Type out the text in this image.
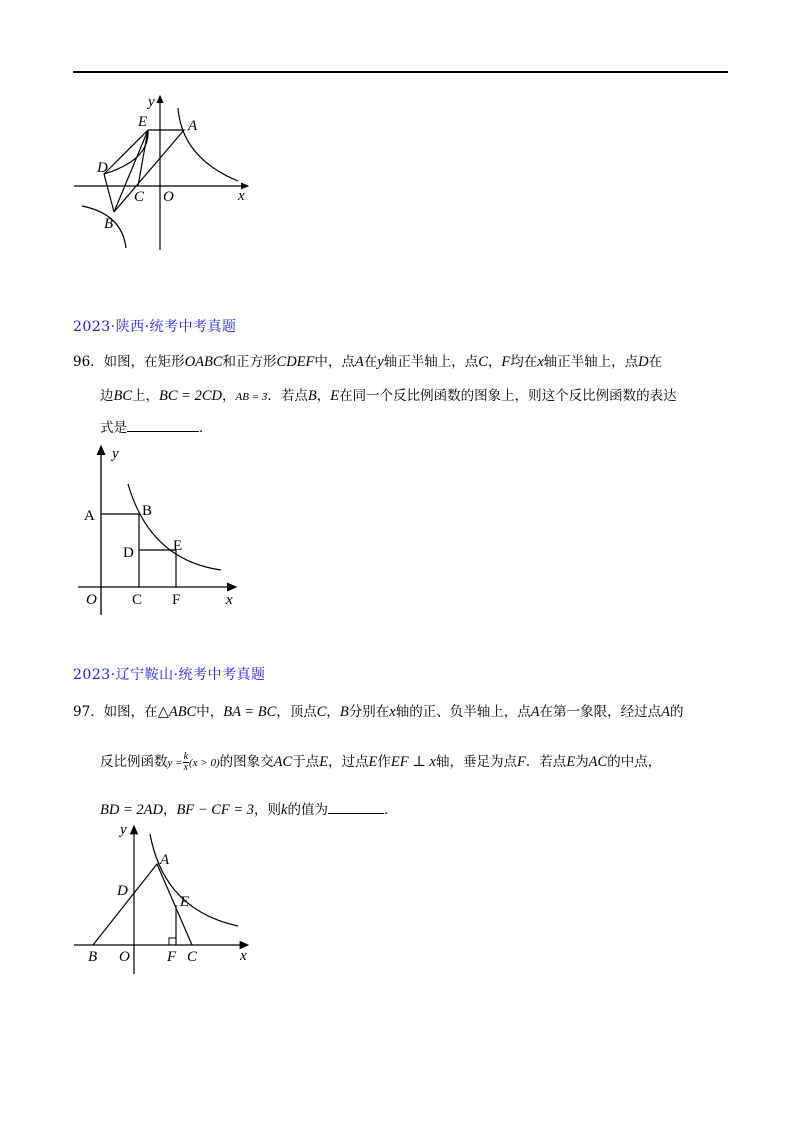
y
x
E	A
D
C O
B
2023·陕西·统考中考真题
96．如图，在矩形OABC和正方形CDEF中，点A在y轴正半轴上，点C，F均在x轴正半轴上，点D在
边BC上，BC = 2CD，AB = 3．若点B，E在同一个反比例函数的图象上，则这个反比例函数的表达
式是	．
y
A	B
D	E
O C F	x
2023·辽宁鞍山·统考中考真题
97．如图，在△ABC中，BA = BC，顶点C，B分别在x轴的正、负半轴上，点A在第一象限，经过点A的
反比例函数$y = \frac{k}{x} (x > 0)$的图象交AC于点E，过点E作EF ⊥ x轴，垂足为点F．若点E为AC的中点，
BD = 2AD，BF − CF = 3，则k的值为	．
y
A
D
E
B O F C	x
